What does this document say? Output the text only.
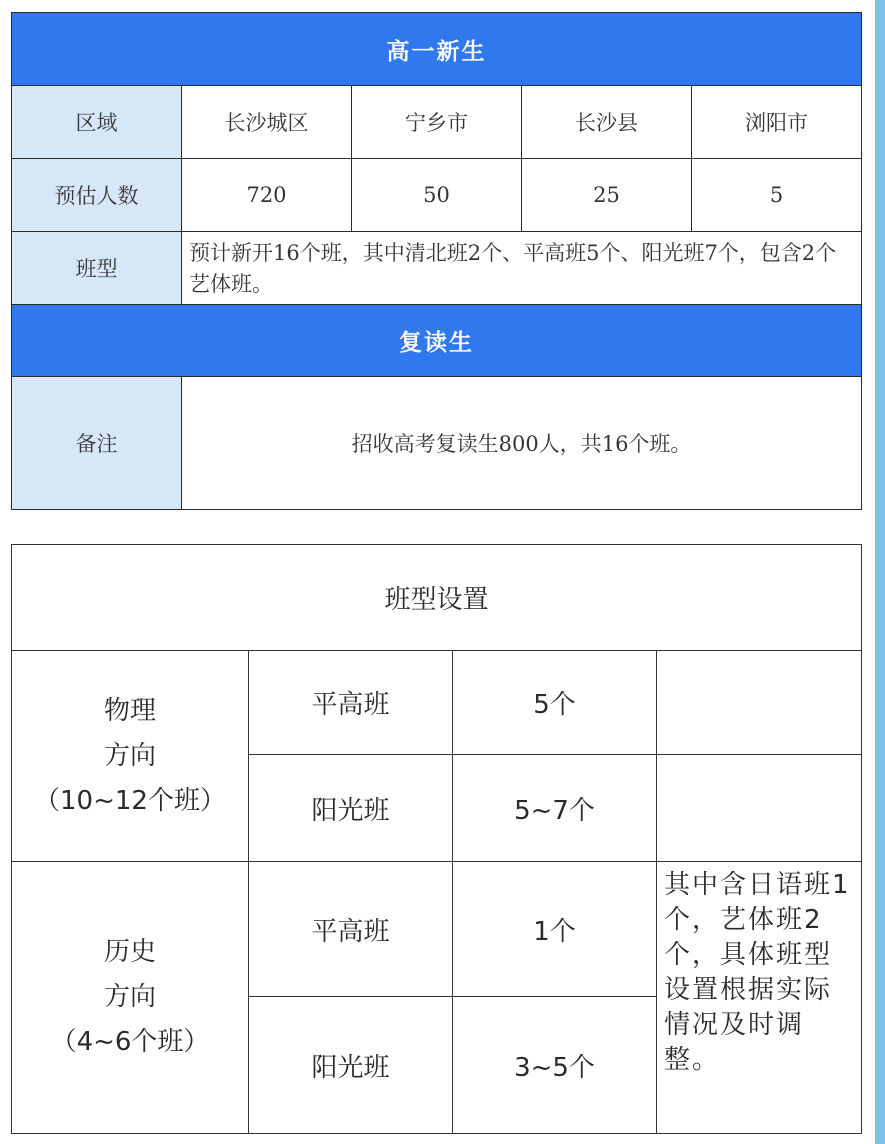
高一新生				
区域	长沙城区	宁乡市	长沙县	浏阳市
预估人数	720	50	25	5
班型	预计新开16个班，其中清北班2个、平高班5个、阳光班7个，包含2个艺体班。			
复读生				
备注	招收高考复读生800人，共16个班。			
班型设置			

物理
方向
（10~12个班）	平高班	5个	
	阳光班	5~7个	

历史
方向
（4~6个班）	平高班	1个	其中含日语班1个，艺体班2个，具体班型设置根据实际情况及时调整。
	阳光班	3~5个	
